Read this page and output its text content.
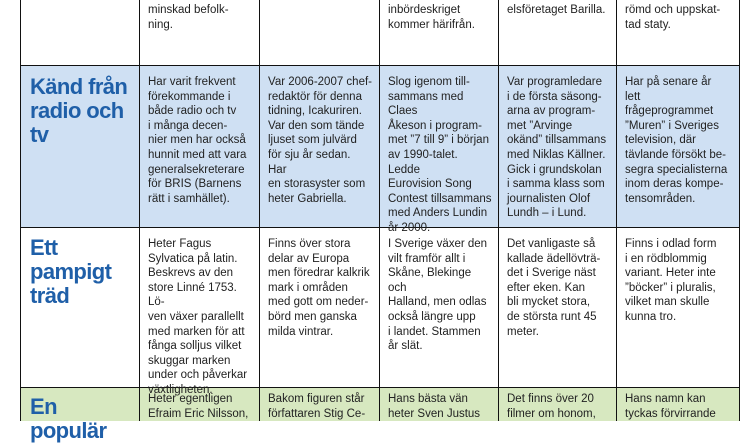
minskad befolk-
ning.

inbördeskriget
kommer härifrån.

elsföretaget Barilla.	römd och uppskat-
tad staty.

Känd från radio och tv

Har varit frekvent
förekommande i
både radio och tv
i många decen-
nier men har också
hunnit med att vara
generalsekreterare
för BRIS (Barnens
rätt i samhället).

Var 2006-2007 chef-
redaktör för denna
tidning, Icakuriren.
Var den som tände
ljuset som julvärd
för sju år sedan. Har
en storasyster som
heter Gabriella.

Slog igenom till-
sammans med Claes
Åkeson i program-
met ”7 till 9” i början
av 1990-talet. Ledde
Eurovision Song
Contest tillsammans
med Anders Lundin
år 2000.

Var programledare
i de första säsong-
arna av program-
met ”Arvinge
okänd” tillsammans
med Niklas Källner.
Gick i grundskolan
i samma klass som
journalisten Olof
Lundh – i Lund.

Har på senare år lett
frågeprogrammet
”Muren” i Sveriges
television, där
tävlande försökt be-
segra specialisterna
inom deras kompe-
tensområden.

Ett pampigt träd

Heter Fagus
Sylvatica på latin.
Beskrevs av den
store Linné 1753. Lö-
ven växer parallellt
med marken för att
fånga solljus vilket
skuggar marken
under och påverkar
växtligheten.

Finns över stora
delar av Europa
men föredrar kalkrik
mark i områden
med gott om neder-
börd men ganska
milda vintrar.

I Sverige växer den
vilt framför allt i
Skåne, Blekinge och
Halland, men odlas
också längre upp
i landet. Stammen
år slät.

Det vanligaste så
kallade ädellövträ-
det i Sverige näst
efter eken. Kan
bli mycket stora,
de största runt 45
meter.

Finns i odlad form
i en rödblommig
variant. Heter inte
”böcker” i pluralis,
vilket man skulle
kunna tro.

En populär

Heter egentligen
Efraim Eric Nilsson,

Bakom figuren står
författaren Stig Ce-

Hans bästa vän
heter Sven Justus

Det finns över 20
filmer om honom,

Hans namn kan
tyckas förvirrande
